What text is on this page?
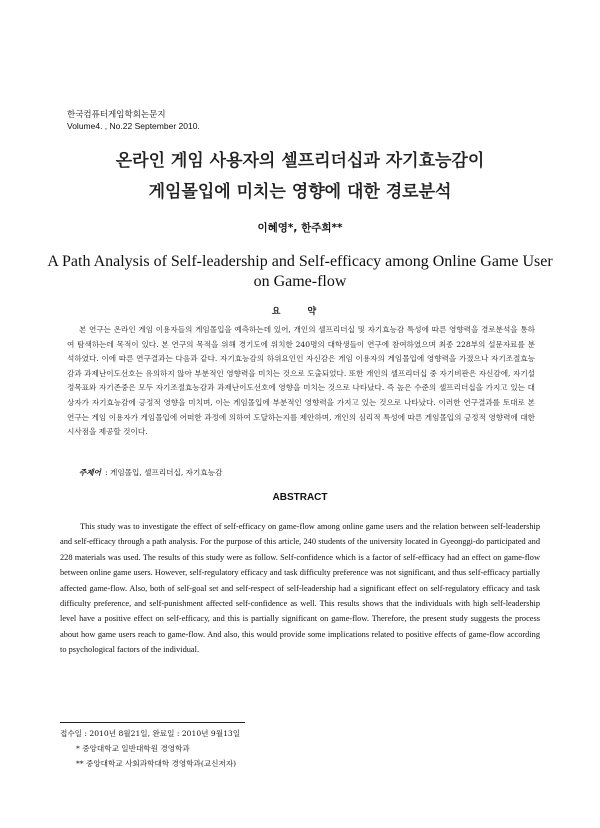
한국컴퓨터게임학회논문지
Volume4. , No.22 September 2010.
온라인 게임 사용자의 셀프리더십과 자기효능감이
게임몰입에 미치는 영향에 대한 경로분석
이혜영*, 한주희**
A Path Analysis of Self-leadership and Self-efficacy among Online Game User on Game-flow
요 약

본 연구는 온라인 게임 이용자들의 게임몰입을 예측하는데 있어, 개인의 셀프리더십 및 자기효능감 특성에 따른 영향력을 경로분석을 통하여 탐색하는데 목적이 있다. 본 연구의 목적을 위해 경기도에 위치한 240명의 대학생들이 연구에 참여하였으며 최종 228부의 설문자료를 분석하였다. 이에 따른 연구결과는 다음과 같다. 자기효능감의 하위요인인 자신감은 게임 이용자의 게임몰입에 영향력을 가졌으나 자기조절효능감과 과제난이도선호는 유의하지 않아 부분적인 영향력을 미치는 것으로 도출되었다. 또한 개인의 셀프리더십 중 자기비판은 자신감에, 자기설정목표와 자기존중은 모두 자기조절효능감과 과제난이도선호에 영향을 미치는 것으로 나타났다. 즉 높은 수준의 셀프리더십을 가지고 있는 대상자가 자기효능감에 긍정적 영향을 미치며, 이는 게임몰입에 부분적인 영향력을 가지고 있는 것으로 나타났다. 이러한 연구결과를 토대로 본 연구는 게임 이용자가 게임몰입에 어떠한 과정에 의하여 도달하는지를 제안하며, 개인의 심리적 특성에 따른 게임몰입의 긍정적 영향력에 대한 시사점을 제공할 것이다.

주제어 : 게임몰입, 셀프리더십, 자기효능감
ABSTRACT

This study was to investigate the effect of self-efficacy on game-flow among online game users and the relation between self-leadership and self-efficacy through a path analysis. For the purpose of this article, 240 students of the university located in Gyeonggi-do participated and 228 materials was used. The results of this study were as follow. Self-confidence which is a factor of self-efficacy had an effect on game-flow between online game users. However, self-regulatory efficacy and task difficulty preference was not significant, and thus self-efficacy partially affected game-flow. Also, both of self-goal set and self-respect of self-leadership had a significant effect on self-regulatory efficacy and task difficulty preference, and self-punishment affected self-confidence as well. This results shows that the individuals with high self-leadership level have a positive effect on self-efficacy, and this is partially significant on game-flow. Therefore, the present study suggests the process about how game users reach to game-flow. And also, this would provide some implications related to positive effects of game-flow according to psychological factors of the individual.

접수일 : 2010년 8월21일, 완료일 : 2010년 9월13일
* 중앙대학교 일반대학원 경영학과
** 중앙대학교 사회과학대학 경영학과(교신저자)
